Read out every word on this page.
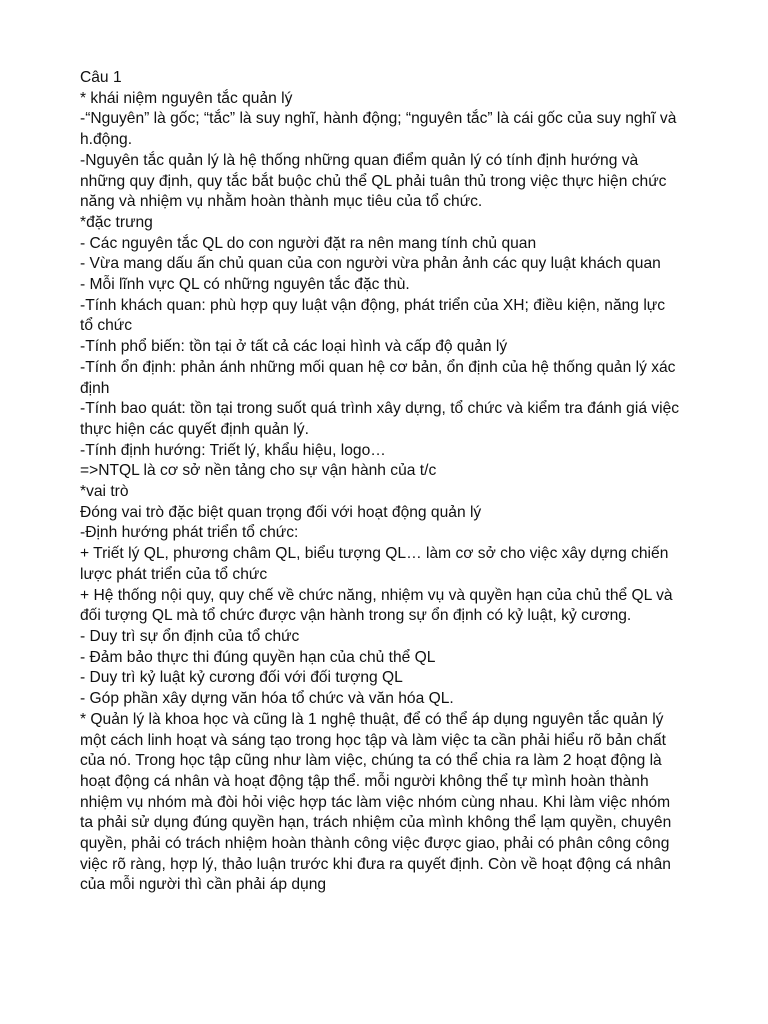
Câu 1

* khái niệm nguyên tắc quản lý

-“Nguyên” là gốc; “tắc” là suy nghĩ, hành động; “nguyên tắc” là cái gốc của suy nghĩ và h.động.

-Nguyên tắc quản lý là hệ thống những quan điểm quản lý có tính định hướng và những quy định, quy tắc bắt buộc chủ thể QL phải tuân thủ trong việc thực hiện chức năng và nhiệm vụ nhằm hoàn thành mục tiêu của tổ chức.

*đặc trưng

- Các nguyên tắc QL do con người đặt ra nên mang tính chủ quan

- Vừa mang dấu ấn chủ quan của con người vừa phản ảnh các quy luật khách quan

- Mỗi lĩnh vực QL có những nguyên tắc đặc thù.

-Tính khách quan: phù hợp quy luật vận động, phát triển của XH; điều kiện, năng lực tổ chức

-Tính phổ biến: tồn tại ở tất cả các loại hình và cấp độ quản lý

-Tính ổn định: phản ánh những mối quan hệ cơ bản, ổn định của hệ thống quản lý xác định

-Tính bao quát: tồn tại trong suốt quá trình xây dựng, tổ chức và kiểm tra đánh giá việc thực hiện các quyết định quản lý.

-Tính định hướng: Triết lý, khẩu hiệu, logo…

=>NTQL là cơ sở nền tảng cho sự vận hành của t/c

*vai trò

Đóng vai trò đặc biệt quan trọng đối với hoạt động quản lý

-Định hướng phát triển tổ chức:

+ Triết lý QL, phương châm QL, biểu tượng QL… làm cơ sở cho việc xây dựng chiến lược phát triển của tổ chức

+ Hệ thống nội quy, quy chế về chức năng, nhiệm vụ và quyền hạn của chủ thể QL và đối tượng QL mà tổ chức được vận hành trong sự ổn định có kỷ luật, kỷ cương.

- Duy trì sự ổn định của tổ chức

- Đảm bảo thực thi đúng quyền hạn của chủ thể QL

- Duy trì kỷ luật kỷ cương đối với đối tượng QL

- Góp phần xây dựng văn hóa tổ chức và văn hóa QL.

* Quản lý là khoa học và cũng là 1 nghệ thuật, để có thể áp dụng nguyên tắc quản lý một cách linh hoạt và sáng tạo trong học tập và làm việc ta cần phải hiểu rõ bản chất của nó. Trong học tập cũng như làm việc, chúng ta có thể chia ra làm 2 hoạt động là hoạt động cá nhân và hoạt động tập thể. mỗi người không thể tự mình hoàn thành nhiệm vụ nhóm mà đòi hỏi việc hợp tác làm việc nhóm cùng nhau. Khi làm việc nhóm ta phải sử dụng đúng quyền hạn, trách nhiệm của mình không thể lạm quyền, chuyên quyền, phải có trách nhiệm hoàn thành công việc được giao, phải có phân công công việc rõ ràng, hợp lý, thảo luận trước khi đưa ra quyết định. Còn về hoạt động cá nhân của mỗi người thì cần phải áp dụng
